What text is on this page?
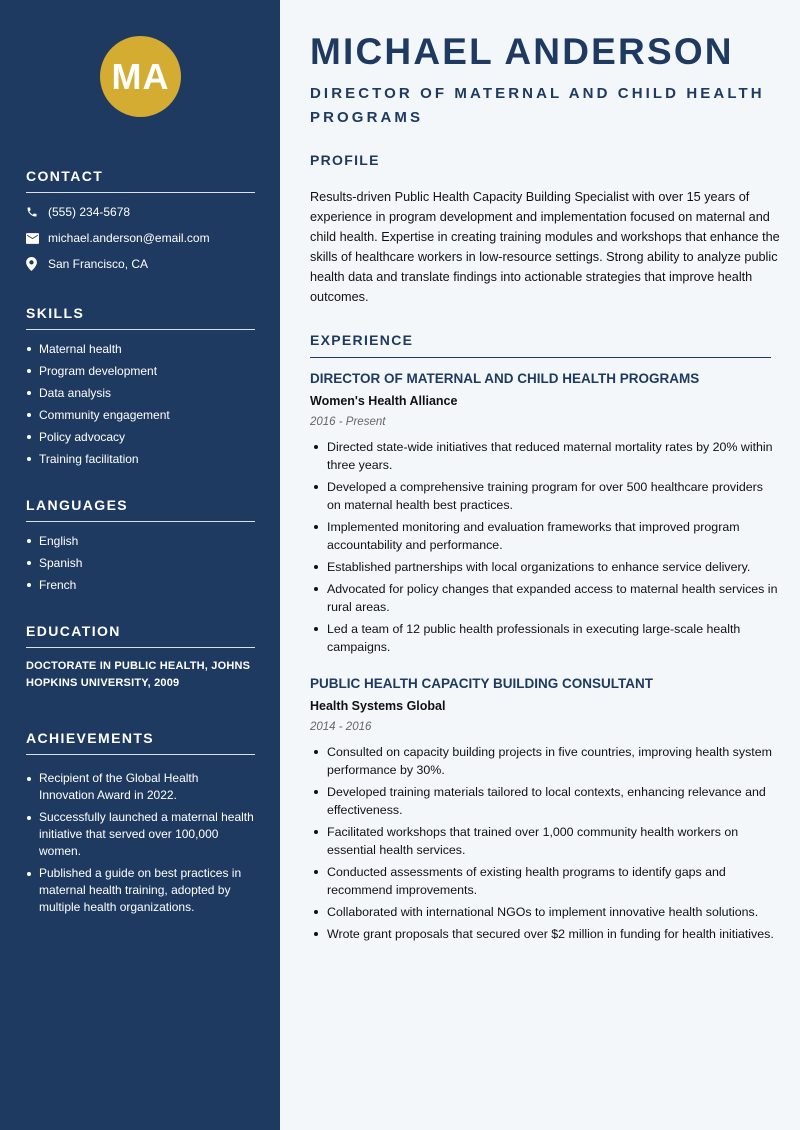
MA
CONTACT
(555) 234-5678
michael.anderson@email.com
San Francisco, CA
SKILLS
Maternal health
Program development
Data analysis
Community engagement
Policy advocacy
Training facilitation
LANGUAGES
English
Spanish
French
EDUCATION
DOCTORATE IN PUBLIC HEALTH, JOHNS HOPKINS UNIVERSITY, 2009
ACHIEVEMENTS
Recipient of the Global Health Innovation Award in 2022.
Successfully launched a maternal health initiative that served over 100,000 women.
Published a guide on best practices in maternal health training, adopted by multiple health organizations.
MICHAEL ANDERSON
DIRECTOR OF MATERNAL AND CHILD HEALTH PROGRAMS
PROFILE

Results-driven Public Health Capacity Building Specialist with over 15 years of experience in program development and implementation focused on maternal and child health. Expertise in creating training modules and workshops that enhance the skills of healthcare workers in low-resource settings. Strong ability to analyze public health data and translate findings into actionable strategies that improve health outcomes.

EXPERIENCE
DIRECTOR OF MATERNAL AND CHILD HEALTH PROGRAMS
Women's Health Alliance
2016 - Present
Directed state-wide initiatives that reduced maternal mortality rates by 20% within three years.
Developed a comprehensive training program for over 500 healthcare providers on maternal health best practices.
Implemented monitoring and evaluation frameworks that improved program accountability and performance.
Established partnerships with local organizations to enhance service delivery.
Advocated for policy changes that expanded access to maternal health services in rural areas.
Led a team of 12 public health professionals in executing large-scale health campaigns.
PUBLIC HEALTH CAPACITY BUILDING CONSULTANT
Health Systems Global
2014 - 2016
Consulted on capacity building projects in five countries, improving health system performance by 30%.
Developed training materials tailored to local contexts, enhancing relevance and effectiveness.
Facilitated workshops that trained over 1,000 community health workers on essential health services.
Conducted assessments of existing health programs to identify gaps and recommend improvements.
Collaborated with international NGOs to implement innovative health solutions.
Wrote grant proposals that secured over $2 million in funding for health initiatives.
